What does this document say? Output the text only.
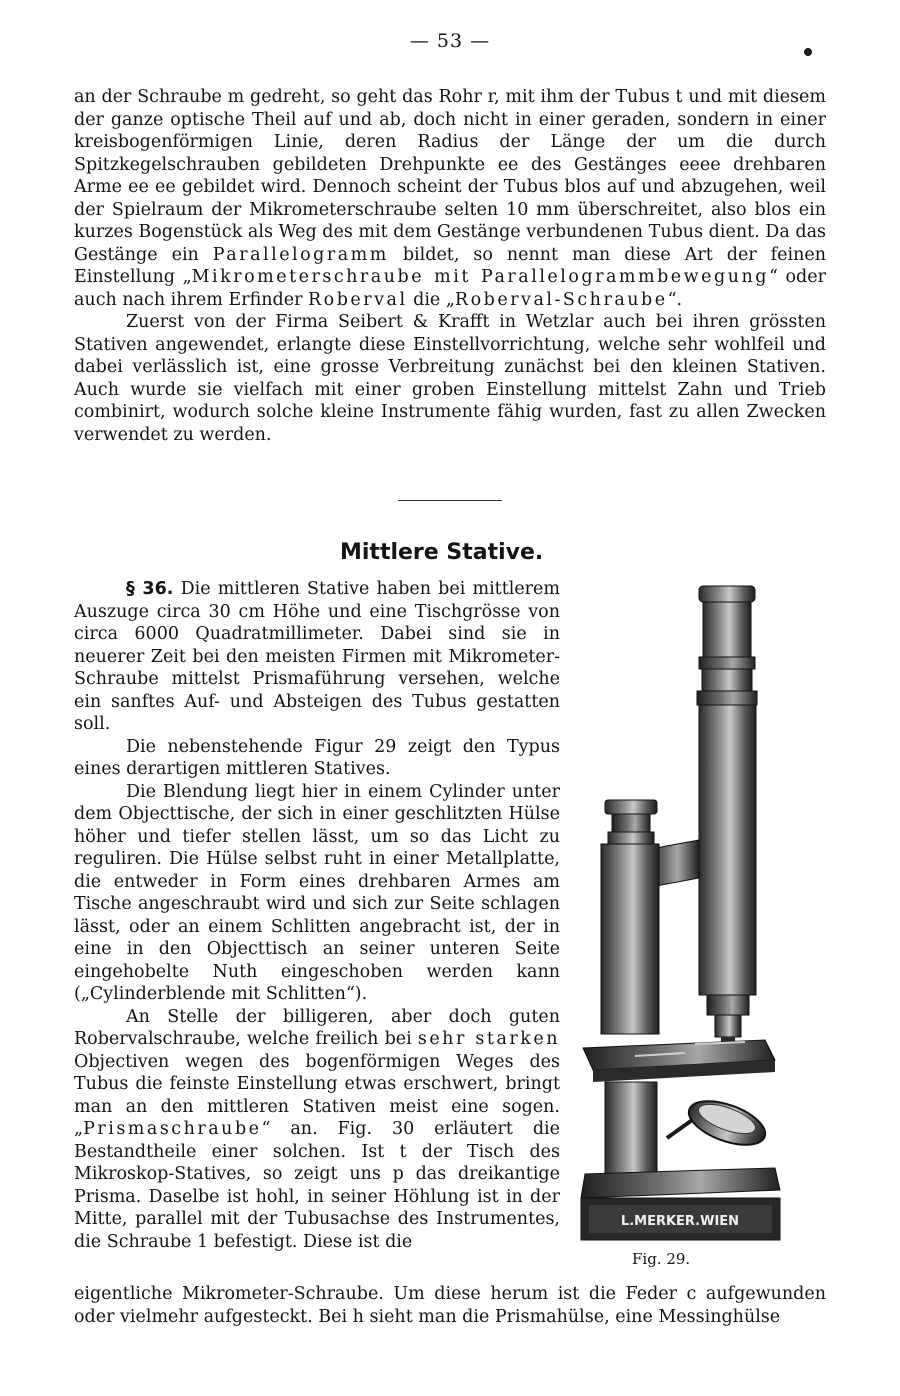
— 53 —

an der Schraube m gedreht, so geht das Rohr r, mit ihm der Tubus t und mit diesem der ganze optische Theil auf und ab, doch nicht in einer geraden, sondern in einer kreisbogenförmigen Linie, deren Radius der Länge der um die durch Spitzkegelschrauben gebildeten Drehpunkte ee des Gestänges eeee drehbaren Arme ee ee gebildet wird. Dennoch scheint der Tubus blos auf und abzugehen, weil der Spielraum der Mikrometerschraube selten 10 mm überschreitet, also blos ein kurzes Bogenstück als Weg des mit dem Gestänge verbundenen Tubus dient. Da das Gestänge ein Parallelogramm bildet, so nennt man diese Art der feinen Einstellung „Mikrometerschraube mit Parallelogrammbewegung“ oder auch nach ihrem Erfinder Roberval die „Roberval-Schraube“.

Zuerst von der Firma Seibert & Krafft in Wetzlar auch bei ihren grössten Stativen angewendet, erlangte diese Einstellvorrichtung, welche sehr wohlfeil und dabei verlässlich ist, eine grosse Verbreitung zunächst bei den kleinen Stativen. Auch wurde sie vielfach mit einer groben Einstellung mittelst Zahn und Trieb combinirt, wodurch solche kleine Instrumente fähig wurden, fast zu allen Zwecken verwendet zu werden.

Mittlere Stative.

§ 36. Die mittleren Stative haben bei mittlerem Auszuge circa 30 cm Höhe und eine Tischgrösse von circa 6000 Quadratmillimeter. Dabei sind sie in neuerer Zeit bei den meisten Firmen mit Mikrometer-Schraube mittelst Prismaführung versehen, welche ein sanftes Auf- und Absteigen des Tubus gestatten soll.

Die nebenstehende Figur 29 zeigt den Typus eines derartigen mittleren Statives.

Die Blendung liegt hier in einem Cylinder unter dem Objecttische, der sich in einer geschlitzten Hülse höher und tiefer stellen lässt, um so das Licht zu reguliren. Die Hülse selbst ruht in einer Metallplatte, die entweder in Form eines drehbaren Armes am Tische angeschraubt wird und sich zur Seite schlagen lässt, oder an einem Schlitten angebracht ist, der in eine in den Objecttisch an seiner unteren Seite eingehobelte Nuth eingeschoben werden kann („Cylinderblende mit Schlitten“).

An Stelle der billigeren, aber doch guten Robervalschraube, welche freilich bei sehr starken Objectiven wegen des bogenförmigen Weges des Tubus die feinste Einstellung etwas erschwert, bringt man an den mittleren Stativen meist eine sogen. „Prismaschraube“ an. Fig. 30 erläutert die Bestandtheile einer solchen. Ist t der Tisch des Mikroskop-Statives, so zeigt uns p das dreikantige Prisma. Daselbe ist hohl, in seiner Höhlung ist in der Mitte, parallel mit der Tubusachse des Instrumentes, die Schraube 1 befestigt. Diese ist die

L.MERKER.WIEN
Fig. 29.

eigentliche Mikrometer-Schraube. Um diese herum ist die Feder c aufgewunden oder vielmehr aufgesteckt. Bei h sieht man die Prismahülse, eine Messinghülse
